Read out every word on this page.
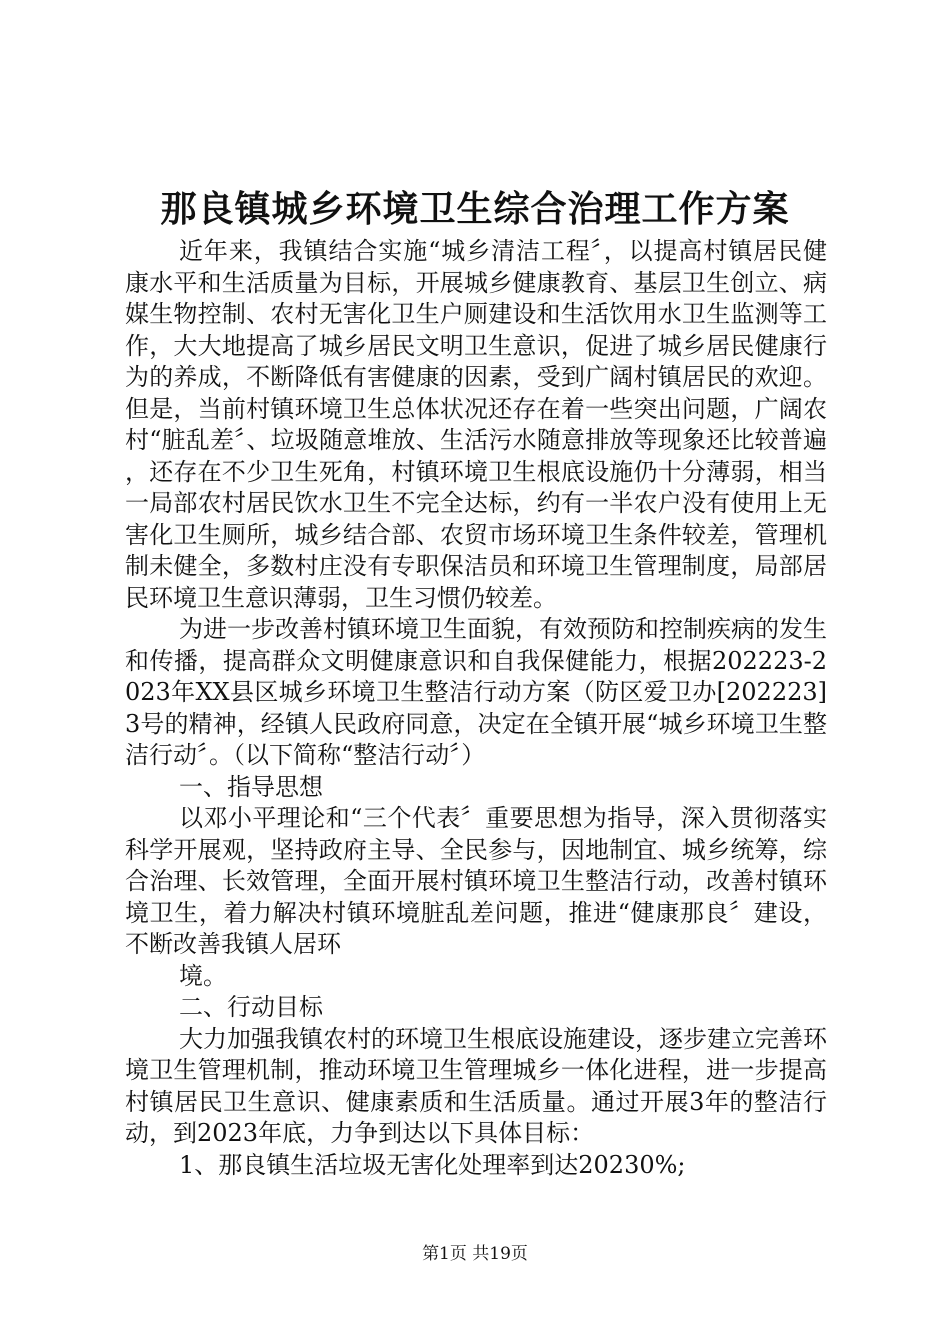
那良镇城乡环境卫生综合治理工作方案

近年来，我镇结合实施“城乡清洁工程〞，以提高村镇居民健康水平和生活质量为目标，开展城乡健康教育、基层卫生创立、病媒生物控制、农村无害化卫生户厕建设和生活饮用水卫生监测等工作，大大地提高了城乡居民文明卫生意识，促进了城乡居民健康行为的养成，不断降低有害健康的因素，受到广阔村镇居民的欢迎。但是，当前村镇环境卫生总体状况还存在着一些突出问题，广阔农村“脏乱差〞、垃圾随意堆放、生活污水随意排放等现象还比较普遍，还存在不少卫生死角，村镇环境卫生根底设施仍十分薄弱，相当一局部农村居民饮水卫生不完全达标，约有一半农户没有使用上无害化卫生厕所，城乡结合部、农贸市场环境卫生条件较差，管理机制未健全，多数村庄没有专职保洁员和环境卫生管理制度，局部居民环境卫生意识薄弱，卫生习惯仍较差。

为进一步改善村镇环境卫生面貌，有效预防和控制疾病的发生和传播，提高群众文明健康意识和自我保健能力，根据202223-2023年XX县区城乡环境卫生整洁行动方案（防区爱卫办[202223]3号的精神，经镇人民政府同意，决定在全镇开展“城乡环境卫生整洁行动〞。（以下简称“整洁行动〞）

一、指导思想

以邓小平理论和“三个代表〞重要思想为指导，深入贯彻落实科学开展观，坚持政府主导、全民参与，因地制宜、城乡统筹，综合治理、长效管理，全面开展村镇环境卫生整洁行动，改善村镇环境卫生，着力解决村镇环境脏乱差问题，推进“健康那良〞建设，不断改善我镇人居环

境。

二、行动目标

大力加强我镇农村的环境卫生根底设施建设，逐步建立完善环境卫生管理机制，推动环境卫生管理城乡一体化进程，进一步提高村镇居民卫生意识、健康素质和生活质量。通过开展3年的整洁行动，到2023年底，力争到达以下具体目标：

1、那良镇生活垃圾无害化处理率到达20230%;

第1页 共19页
